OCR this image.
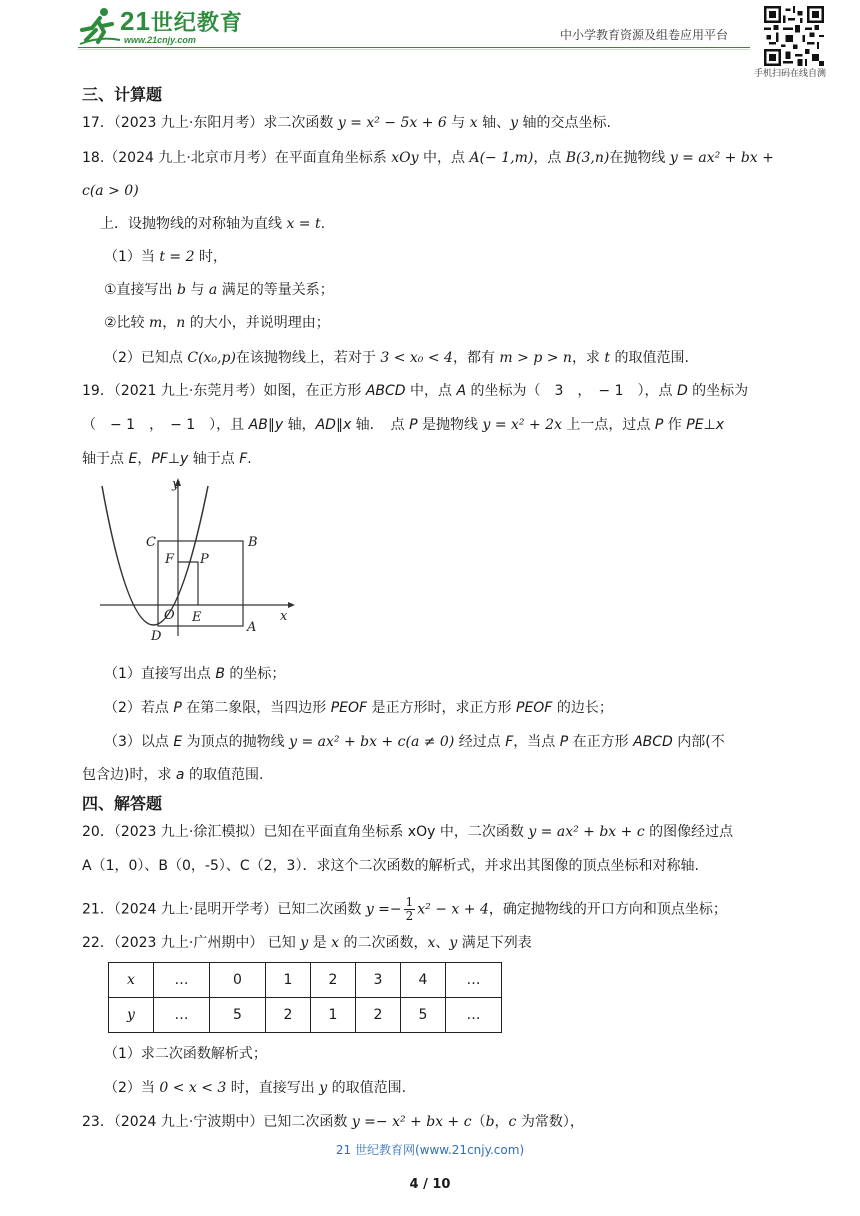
21世纪教育
www.21cnjy.com	中小学教育资源及组卷应用平台
手机扫码在线自测
三、计算题
17．（2023 九上·东阳月考）求二次函数 y = x² − 5x + 6 与 x 轴、y 轴的交点坐标.
18.（2024 九上·北京市月考）在平面直角坐标系 xOy 中，点 A(− 1,m)，点 B(3,n)在抛物线 y = ax² + bx +
c(a > 0)
上．设抛物线的对称轴为直线 x = t.
（1）当 t = 2 时，
①直接写出 b 与 a 满足的等量关系；
②比较 m，n 的大小，并说明理由；
（2）已知点 C(x₀,p)在该抛物线上，若对于 3 < x₀ < 4，都有 m > p > n，求 t 的取值范围.
19．（2021 九上·东莞月考）如图，在正方形 ABCD 中，点 A 的坐标为（　3　，　− 1　），点 D 的坐标为
（　− 1　，　− 1　），且 AB∥y 轴，AD∥x 轴．　点 P 是抛物线 y = x² + 2x 上一点，过点 P 作 PE⊥x
轴于点 E，PF⊥y 轴于点 F.
y
x
C	B
F P
O E
D
A
（1）直接写出点 B 的坐标；
（2）若点 P 在第二象限，当四边形 PEOF 是正方形时，求正方形 PEOF 的边长；
（3）以点 E 为顶点的抛物线 y = ax² + bx + c(a ≠ 0) 经过点 F，当点 P 在正方形 ABCD 内部(不
包含边)时，求 a 的取值范围.
四、解答题
20．（2023 九上·徐汇模拟）已知在平面直角坐标系 xOy 中，二次函数 y = ax² + bx + c 的图像经过点
A（1，0）、B（0，-5）、C（2，3）．求这个二次函数的解析式，并求出其图像的顶点坐标和对称轴.
21．（2024 九上·昆明开学考）已知二次函数 $y =- \frac{1}{2} x^2 - x + 4$，确定抛物线的开口方向和顶点坐标；
22．（2023 九上·广州期中） 已知 y 是 x 的二次函数，x、y 满足下列表
x	…	0	1	2	3	4	…
y	…	5	2	1	2	5	…
（1）求二次函数解析式；
（2）当 0 < x < 3 时，直接写出 y 的取值范围.
23．（2024 九上·宁波期中）已知二次函数 y =− x² + bx + c（b，c 为常数），
21 世纪教育网(www.21cnjy.com)
4 / 10
